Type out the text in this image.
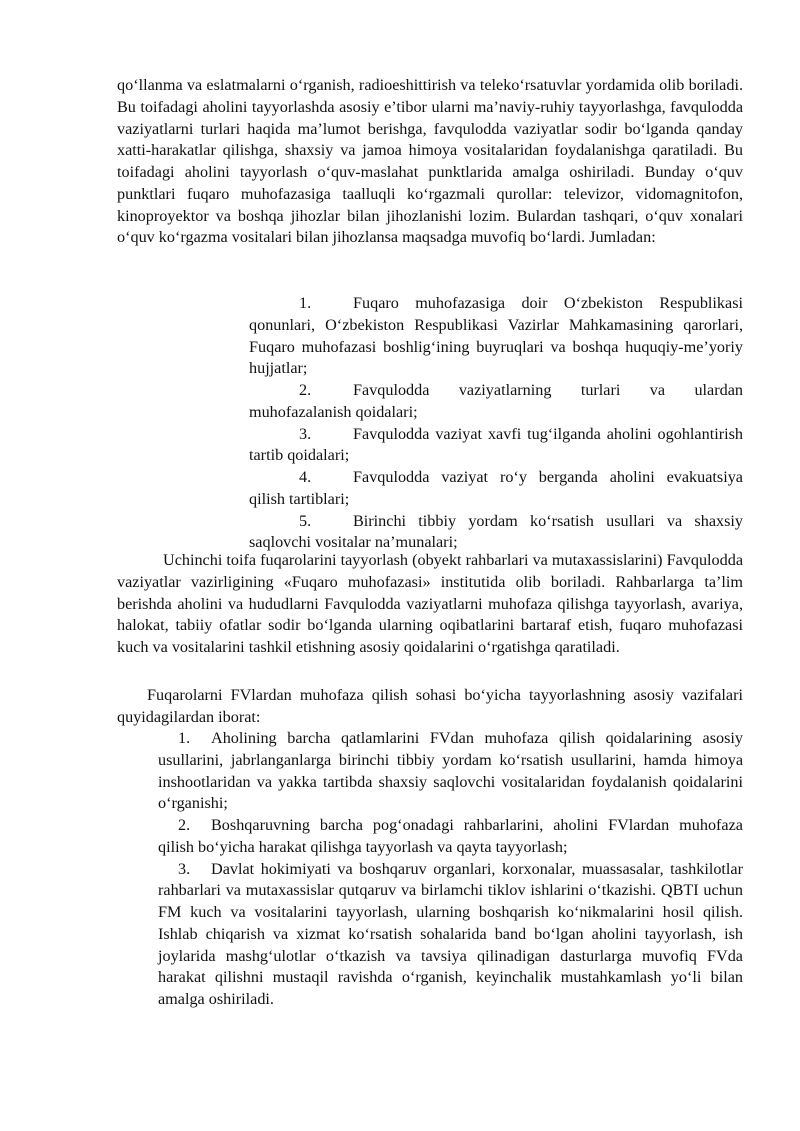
qo‘llanma va eslatmalarni o‘rganish, radioeshittirish va teleko‘rsatuvlar yordamida olib boriladi. Bu toifadagi aholini tayyorlashda asosiy e’tibor ularni ma’naviy-ruhiy tayyorlashga, favqulodda vaziyatlarni turlari haqida ma’lumot berishga, favqulodda vaziyatlar sodir bo‘lganda qanday xatti-harakatlar qilishga, shaxsiy va jamoa himoya vositalaridan foydalanishga qaratiladi. Bu toifadagi aholini tayyorlash o‘quv-maslahat punktlarida amalga oshiriladi. Bunday o‘quv punktlari fuqaro muhofazasiga taalluqli ko‘rgazmali qurollar: televizor, vidomagnitofon, kinoproyektor va boshqa jihozlar bilan jihozlanishi lozim. Bulardan tashqari, o‘quv xonalari o‘quv ko‘rgazma vositalari bilan jihozlansa maqsadga muvofiq bo‘lardi. Jumladan:

1.	Fuqaro muhofazasiga doir O‘zbekiston Respublikasi qonunlari, O‘zbekiston Respublikasi Vazirlar Mahkamasining qarorlari, Fuqaro muhofazasi boshlig‘ining buyruqlari va boshqa huquqiy-me’yoriy hujjatlar;
2.	Favqulodda vaziyatlarning turlari va ulardan muhofazalanish qoidalari;
3.	Favqulodda vaziyat xavfi tug‘ilganda aholini ogohlantirish tartib qoidalari;
4.	Favqulodda vaziyat ro‘y berganda aholini evakuatsiya qilish tartiblari;
5.	Birinchi tibbiy yordam ko‘rsatish usullari va shaxsiy saqlovchi vositalar na’munalari;

Uchinchi toifa fuqarolarini tayyorlash (obyekt rahbarlari va mutaxassislarini) Favqulodda vaziyatlar vazirligining «Fuqaro muhofazasi» institutida olib boriladi. Rahbarlarga ta’lim berishda aholini va hududlarni Favqulodda vaziyatlarni muhofaza qilishga tayyorlash, avariya, halokat, tabiiy ofatlar sodir bo‘lganda ularning oqibatlarini bartaraf etish, fuqaro muhofazasi kuch va vositalarini tashkil etishning asosiy qoidalarini o‘rgatishga qaratiladi.

Fuqarolarni FVlardan muhofaza qilish sohasi bo‘yicha tayyorlashning asosiy vazifalari quyidagilardan iborat:

1. Aholining barcha qatlamlarini FVdan muhofaza qilish qoidalarining asosiy usullarini, jabrlanganlarga birinchi tibbiy yordam ko‘rsatish usullarini, hamda himoya inshootlaridan va yakka tartibda shaxsiy saqlovchi vositalaridan foydalanish qoidalarini o‘rganishi;
2. Boshqaruvning barcha pog‘onadagi rahbarlarini, aholini FVlardan muhofaza qilish bo‘yicha harakat qilishga tayyorlash va qayta tayyorlash;
3. Davlat hokimiyati va boshqaruv organlari, korxonalar, muassasalar, tashkilotlar rahbarlari va mutaxassislar qutqaruv va birlamchi tiklov ishlarini o‘tkazishi. QBTI uchun FM kuch va vositalarini tayyorlash, ularning boshqarish ko‘nikmalarini hosil qilish. Ishlab chiqarish va xizmat ko‘rsatish sohalarida band bo‘lgan aholini tayyorlash, ish joylarida mashg‘ulotlar o‘tkazish va tavsiya qilinadigan dasturlarga muvofiq FVda harakat qilishni mustaqil ravishda o‘rganish, keyinchalik mustahkamlash yo‘li bilan amalga oshiriladi.
